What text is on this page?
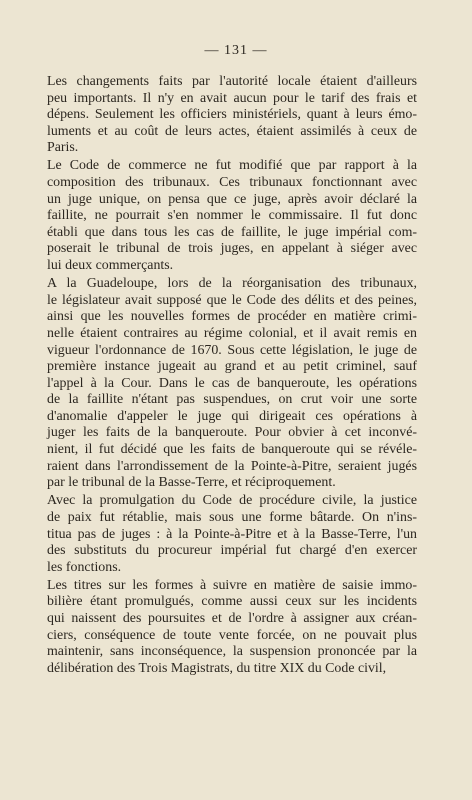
— 131 —
Les changements faits par l'autorité locale étaient d'ailleurs
peu importants. Il n'y en avait aucun pour le tarif des frais et
dépens. Seulement les officiers ministériels, quant à leurs émo-
luments et au coût de leurs actes, étaient assimilés à ceux de
Paris.
Le Code de commerce ne fut modifié que par rapport à la
composition des tribunaux. Ces tribunaux fonctionnant avec
un juge unique, on pensa que ce juge, après avoir déclaré la
faillite, ne pourrait s'en nommer le commissaire. Il fut donc
établi que dans tous les cas de faillite, le juge impérial com-
poserait le tribunal de trois juges, en appelant à siéger avec
lui deux commerçants.
A la Guadeloupe, lors de la réorganisation des tribunaux,
le législateur avait supposé que le Code des délits et des peines,
ainsi que les nouvelles formes de procéder en matière crimi-
nelle étaient contraires au régime colonial, et il avait remis en
vigueur l'ordonnance de 1670. Sous cette législation, le juge de
première instance jugeait au grand et au petit criminel, sauf
l'appel à la Cour. Dans le cas de banqueroute, les opérations
de la faillite n'étant pas suspendues, on crut voir une sorte
d'anomalie d'appeler le juge qui dirigeait ces opérations à
juger les faits de la banqueroute. Pour obvier à cet inconvé-
nient, il fut décidé que les faits de banqueroute qui se révéle-
raient dans l'arrondissement de la Pointe-à-Pitre, seraient jugés
par le tribunal de la Basse-Terre, et réciproquement.
Avec la promulgation du Code de procédure civile, la justice
de paix fut rétablie, mais sous une forme bâtarde. On n'ins-
titua pas de juges : à la Pointe-à-Pitre et à la Basse-Terre, l'un
des substituts du procureur impérial fut chargé d'en exercer
les fonctions.
Les titres sur les formes à suivre en matière de saisie immo-
bilière étant promulgués, comme aussi ceux sur les incidents
qui naissent des poursuites et de l'ordre à assigner aux créan-
ciers, conséquence de toute vente forcée, on ne pouvait plus
maintenir, sans inconséquence, la suspension prononcée par la
délibération des Trois Magistrats, du titre XIX du Code civil,
